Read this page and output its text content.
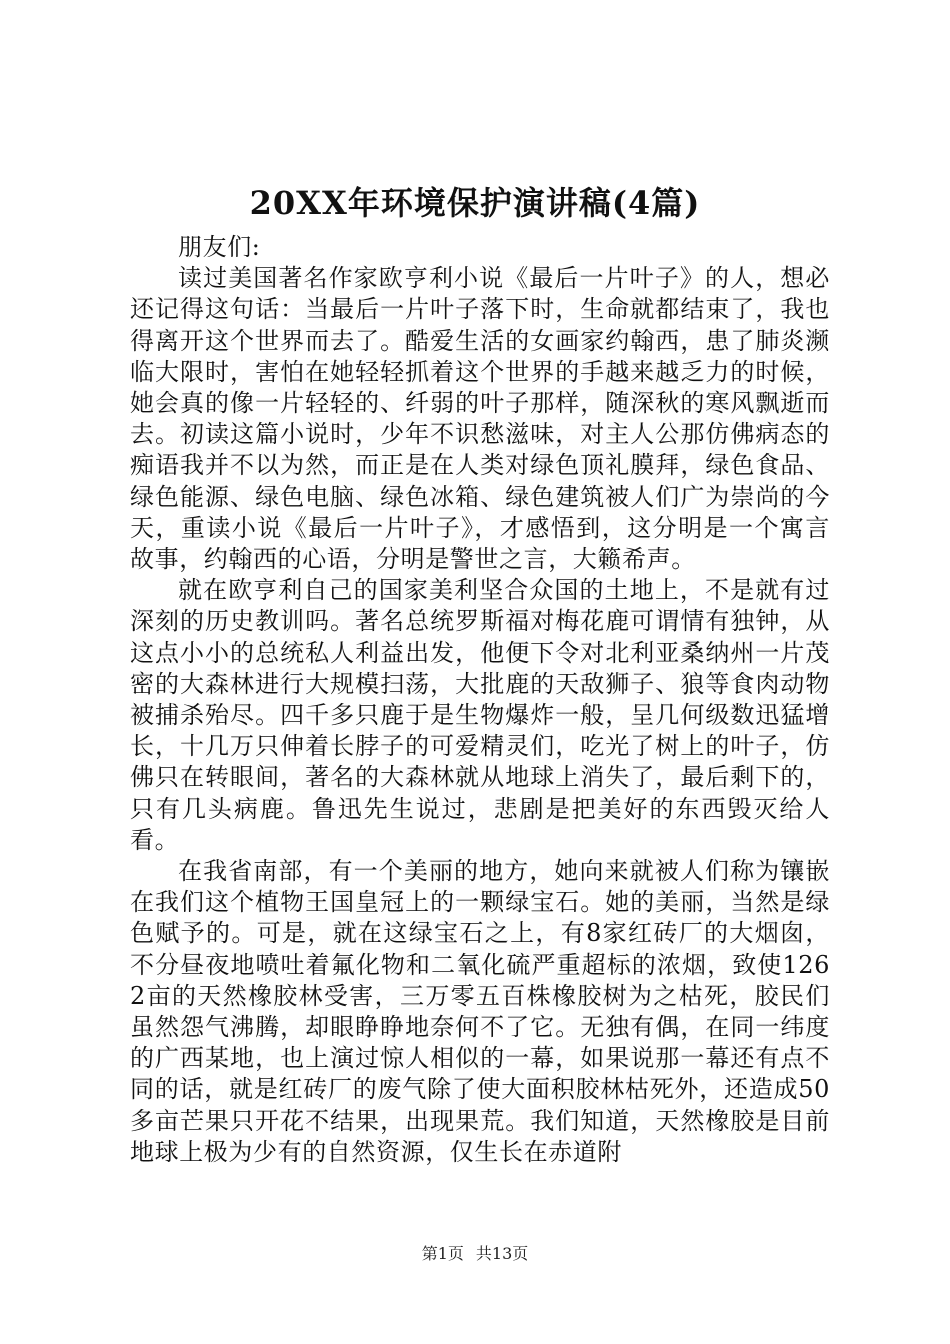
20XX年环境保护演讲稿(4篇)

朋友们:

读过美国著名作家欧亨利小说《最后一片叶子》的人，想必还记得这句话：当最后一片叶子落下时，生命就都结束了，我也得离开这个世界而去了。酷爱生活的女画家约翰西，患了肺炎濒临大限时，害怕在她轻轻抓着这个世界的手越来越乏力的时候，她会真的像一片轻轻的、纤弱的叶子那样，随深秋的寒风飘逝而去。初读这篇小说时，少年不识愁滋味，对主人公那仿佛病态的痴语我并不以为然，而正是在人类对绿色顶礼膜拜，绿色食品、绿色能源、绿色电脑、绿色冰箱、绿色建筑被人们广为崇尚的今天，重读小说《最后一片叶子》，才感悟到，这分明是一个寓言故事，约翰西的心语，分明是警世之言，大籁希声。

就在欧亨利自己的国家美利坚合众国的土地上，不是就有过深刻的历史教训吗。著名总统罗斯福对梅花鹿可谓情有独钟，从这点小小的总统私人利益出发，他便下令对北利亚桑纳州一片茂密的大森林进行大规模扫荡，大批鹿的天敌狮子、狼等食肉动物被捕杀殆尽。四千多只鹿于是生物爆炸一般，呈几何级数迅猛增长，十几万只伸着长脖子的可爱精灵们，吃光了树上的叶子，仿佛只在转眼间，著名的大森林就从地球上消失了，最后剩下的，只有几头病鹿。鲁迅先生说过，悲剧是把美好的东西毁灭给人看。

在我省南部，有一个美丽的地方，她向来就被人们称为镶嵌在我们这个植物王国皇冠上的一颗绿宝石。她的美丽，当然是绿色赋予的。可是，就在这绿宝石之上，有8家红砖厂的大烟囱，不分昼夜地喷吐着氟化物和二氧化硫严重超标的浓烟，致使1262亩的天然橡胶林受害，三万零五百株橡胶树为之枯死，胶民们虽然怨气沸腾，却眼睁睁地奈何不了它。无独有偶，在同一纬度的广西某地，也上演过惊人相似的一幕，如果说那一幕还有点不同的话，就是红砖厂的废气除了使大面积胶林枯死外，还造成50多亩芒果只开花不结果，出现果荒。我们知道，天然橡胶是目前地球上极为少有的自然资源，仅生长在赤道附

第1页 共13页
